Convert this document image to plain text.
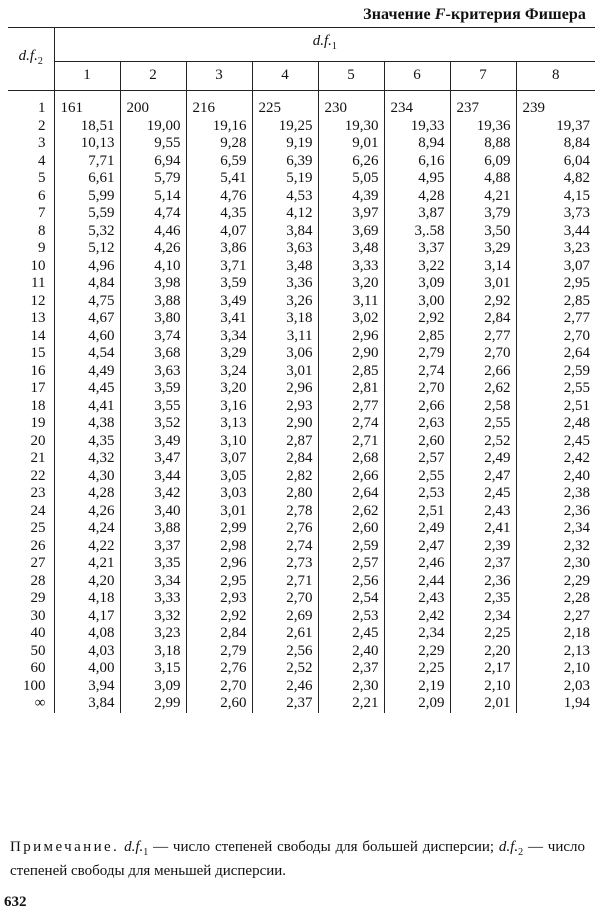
Значение F-критерия Фишера
$d.f._2$	$d.f._1$
	1	2	3	4	5	6	7	8
1	161	200	216	225	230	234	237	239
2	18,51	19,00	19,16	19,25	19,30	19,33	19,36	19,37
3	10,13	9,55	9,28	9,19	9,01	8,94	8,88	8,84
4	7,71	6,94	6,59	6,39	6,26	6,16	6,09	6,04
5	6,61	5,79	5,41	5,19	5,05	4,95	4,88	4,82
6	5,99	5,14	4,76	4,53	4,39	4,28	4,21	4,15
7	5,59	4,74	4,35	4,12	3,97	3,87	3,79	3,73
8	5,32	4,46	4,07	3,84	3,69	3,.58	3,50	3,44
9	5,12	4,26	3,86	3,63	3,48	3,37	3,29	3,23
10	4,96	4,10	3,71	3,48	3,33	3,22	3,14	3,07
11	4,84	3,98	3,59	3,36	3,20	3,09	3,01	2,95
12	4,75	3,88	3,49	3,26	3,11	3,00	2,92	2,85
13	4,67	3,80	3,41	3,18	3,02	2,92	2,84	2,77
14	4,60	3,74	3,34	3,11	2,96	2,85	2,77	2,70
15	4,54	3,68	3,29	3,06	2,90	2,79	2,70	2,64
16	4,49	3,63	3,24	3,01	2,85	2,74	2,66	2,59
17	4,45	3,59	3,20	2,96	2,81	2,70	2,62	2,55
18	4,41	3,55	3,16	2,93	2,77	2,66	2,58	2,51
19	4,38	3,52	3,13	2,90	2,74	2,63	2,55	2,48
20	4,35	3,49	3,10	2,87	2,71	2,60	2,52	2,45
21	4,32	3,47	3,07	2,84	2,68	2,57	2,49	2,42
22	4,30	3,44	3,05	2,82	2,66	2,55	2,47	2,40
23	4,28	3,42	3,03	2,80	2,64	2,53	2,45	2,38
24	4,26	3,40	3,01	2,78	2,62	2,51	2,43	2,36
25	4,24	3,88	2,99	2,76	2,60	2,49	2,41	2,34
26	4,22	3,37	2,98	2,74	2,59	2,47	2,39	2,32
27	4,21	3,35	2,96	2,73	2,57	2,46	2,37	2,30
28	4,20	3,34	2,95	2,71	2,56	2,44	2,36	2,29
29	4,18	3,33	2,93	2,70	2,54	2,43	2,35	2,28
30	4,17	3,32	2,92	2,69	2,53	2,42	2,34	2,27
40	4,08	3,23	2,84	2,61	2,45	2,34	2,25	2,18
50	4,03	3,18	2,79	2,56	2,40	2,29	2,20	2,13
60	4,00	3,15	2,76	2,52	2,37	2,25	2,17	2,10
100	3,94	3,09	2,70	2,46	2,30	2,19	2,10	2,03
∞	3,84	2,99	2,60	2,37	2,21	2,09	2,01	1,94
Примечание. $d.f._1$ — число степеней свободы для большей дисперсии; $d.f._2$ — число степеней свободы для меньшей дисперсии.
632
